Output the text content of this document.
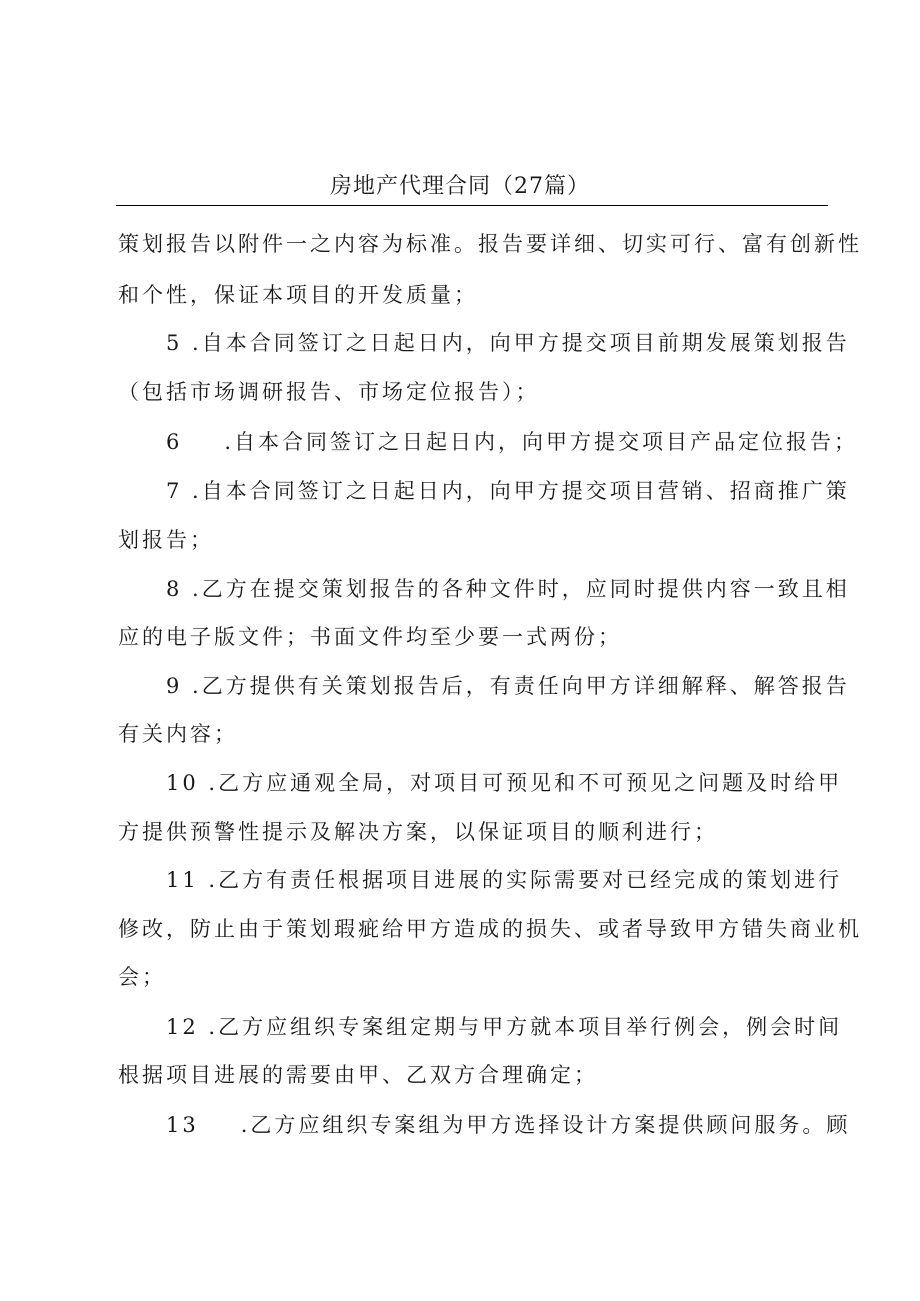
房地产代理合同（27篇）
策划报告以附件一之内容为标准。报告要详细、切实可行、富有创新性
和个性，保证本项目的开发质量；
5 .自本合同签订之日起日内，向甲方提交项目前期发展策划报告
（包括市场调研报告、市场定位报告）；
6 .自本合同签订之日起日内，向甲方提交项目产品定位报告；
7 .自本合同签订之日起日内，向甲方提交项目营销、招商推广策
划报告；
8 .乙方在提交策划报告的各种文件时，应同时提供内容一致且相
应的电子版文件；书面文件均至少要一式两份；
9 .乙方提供有关策划报告后，有责任向甲方详细解释、解答报告
有关内容；
10 .乙方应通观全局，对项目可预见和不可预见之问题及时给甲
方提供预警性提示及解决方案，以保证项目的顺利进行；
11 .乙方有责任根据项目进展的实际需要对已经完成的策划进行
修改，防止由于策划瑕疵给甲方造成的损失、或者导致甲方错失商业机
会；
12 .乙方应组织专案组定期与甲方就本项目举行例会，例会时间
根据项目进展的需要由甲、乙双方合理确定；
13 .乙方应组织专案组为甲方选择设计方案提供顾问服务。顾
